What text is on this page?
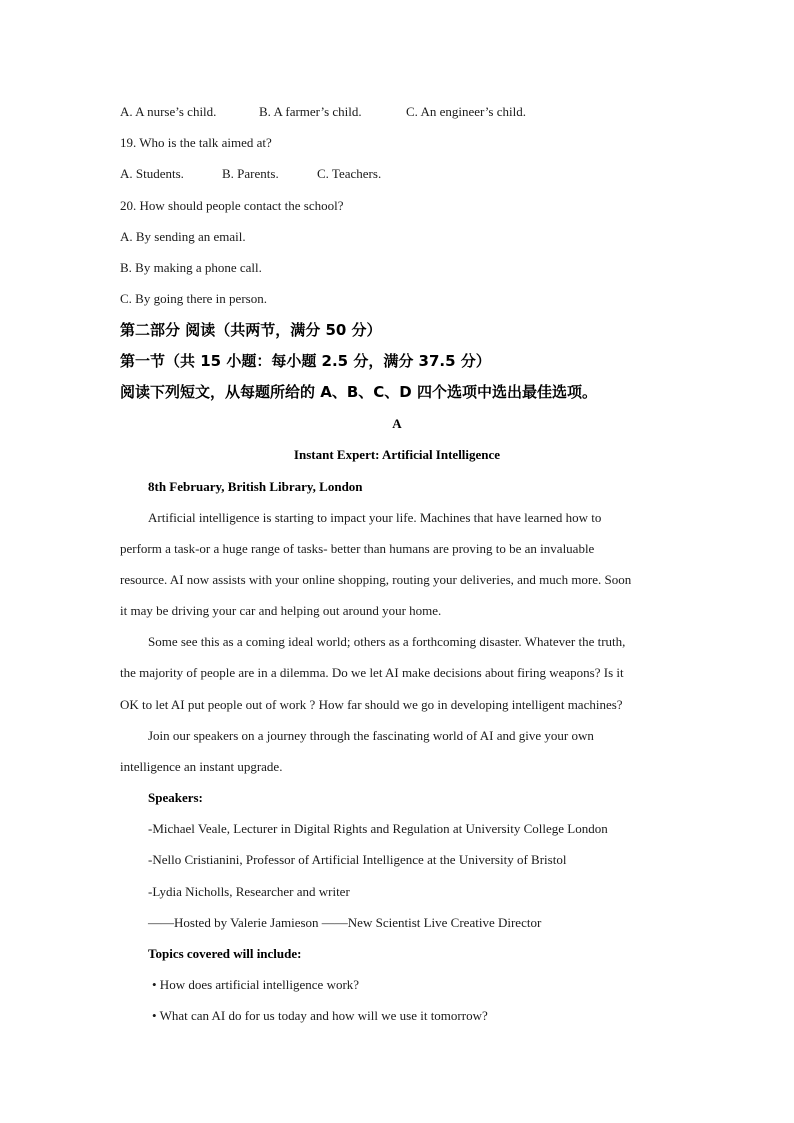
A. A nurse’s child.	B. A farmer’s child.	C. An engineer’s child.
19. Who is the talk aimed at?
A. Students.	B. Parents.	C. Teachers.
20. How should people contact the school?
A. By sending an email.
B. By making a phone call.
C. By going there in person.
第二部分 阅读（共两节，满分 50 分）
第一节（共 15 小题：每小题 2.5 分，满分 37.5 分）
阅读下列短文，从每题所给的 A、B、C、D 四个选项中选出最佳选项。
A
Instant Expert: Artificial Intelligence
8th February, British Library, London
Artificial intelligence is starting to impact your life. Machines that have learned how to
perform a task-or a huge range of tasks- better than humans are proving to be an invaluable
resource. AI now assists with your online shopping, routing your deliveries, and much more. Soon
it may be driving your car and helping out around your home.
Some see this as a coming ideal world; others as a forthcoming disaster. Whatever the truth,
the majority of people are in a dilemma. Do we let AI make decisions about firing weapons? Is it
OK to let AI put people out of work ? How far should we go in developing intelligent machines?
Join our speakers on a journey through the fascinating world of AI and give your own
intelligence an instant upgrade.
Speakers:
-Michael Veale, Lecturer in Digital Rights and Regulation at University College London
-Nello Cristianini, Professor of Artificial Intelligence at the University of Bristol
-Lydia Nicholls, Researcher and writer
——Hosted by Valerie Jamieson ——New Scientist Live Creative Director
Topics covered will include:
• How does artificial intelligence work?
• What can AI do for us today and how will we use it tomorrow?
